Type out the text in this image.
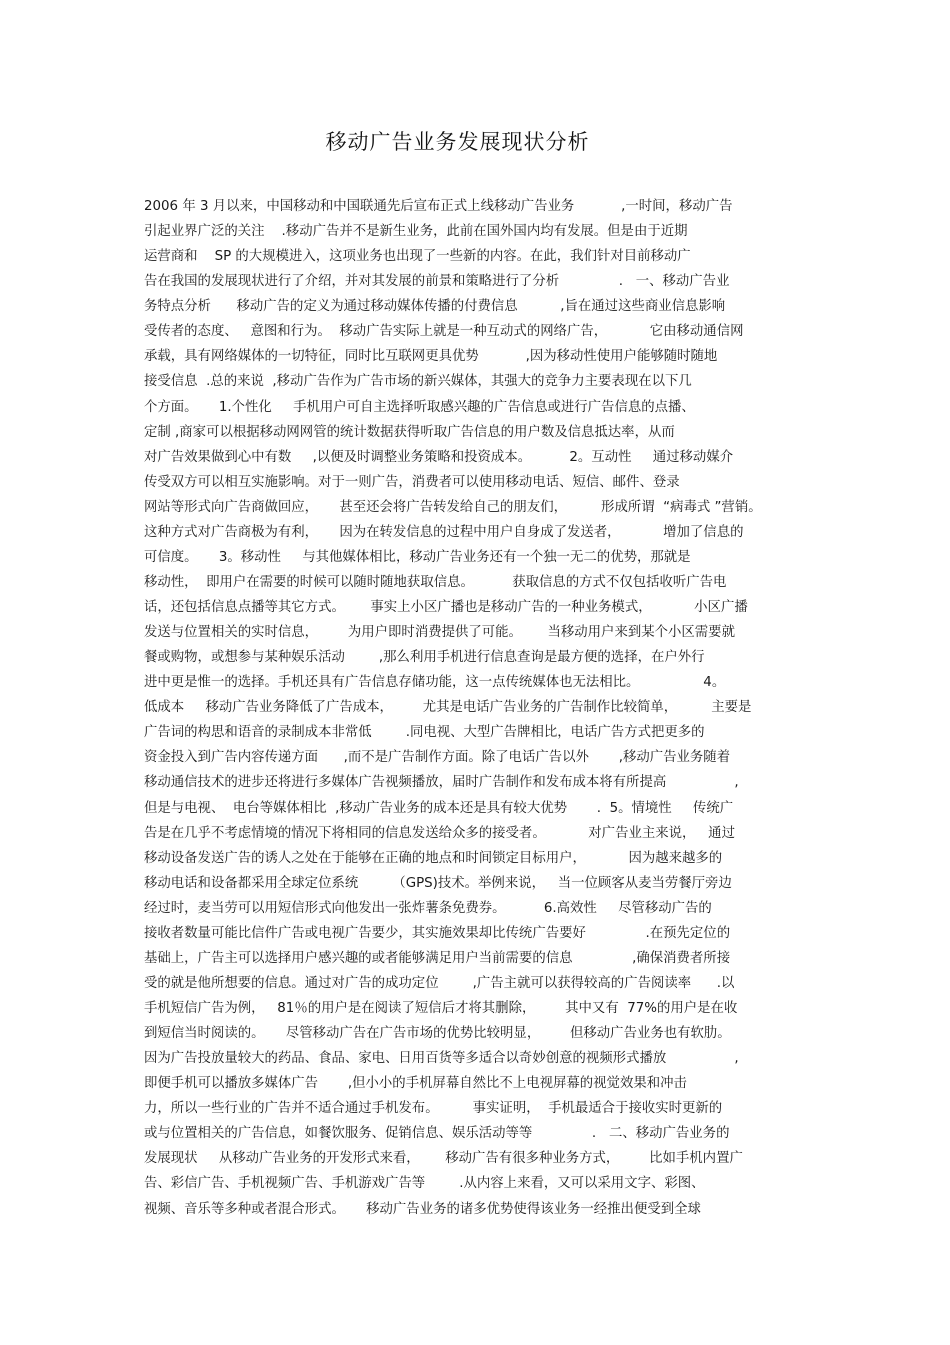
移动广告业务发展现状分析
2006 年 3 月以来，中国移动和中国联通先后宣布正式上线移动广告业务           ,一时间，移动广告
引起业界广泛的关注    .移动广告并不是新生业务，此前在国外国内均有发展。但是由于近期
运营商和    SP 的大规模进入，这项业务也出现了一些新的内容。在此，我们针对目前移动广
告在我国的发展现状进行了介绍，并对其发展的前景和策略进行了分析              .   一、移动广告业
务特点分析      移动广告的定义为通过移动媒体传播的付费信息          ,旨在通过这些商业信息影响
受传者的态度、   意图和行为。  移动广告实际上就是一种互动式的网络广告，          它由移动通信网
承载，具有网络媒体的一切特征，同时比互联网更具优势           ,因为移动性使用户能够随时随地
接受信息  .总的来说  ,移动广告作为广告市场的新兴媒体，其强大的竞争力主要表现在以下几
个方面。     1.个性化     手机用户可自主选择听取感兴趣的广告信息或进行广告信息的点播、
定制 ,商家可以根据移动网网管的统计数据获得听取广告信息的用户数及信息抵达率，从而
对广告效果做到心中有数     ,以便及时调整业务策略和投资成本。         2。互动性     通过移动媒介
传受双方可以相互实施影响。对于一则广告，消费者可以使用移动电话、短信、邮件、登录
网站等形式向广告商做回应，     甚至还会将广告转发给自己的朋友们，        形成所谓  “病毒式 ”营销。
这种方式对广告商极为有利，     因为在转发信息的过程中用户自身成了发送者，          增加了信息的
可信度。     3。移动性     与其他媒体相比，移动广告业务还有一个独一无二的优势，那就是
移动性，  即用户在需要的时候可以随时随地获取信息。         获取信息的方式不仅包括收听广告电
话，还包括信息点播等其它方式。      事实上小区广播也是移动广告的一种业务模式，          小区广播
发送与位置相关的实时信息，       为用户即时消费提供了可能。      当移动用户来到某个小区需要就
餐或购物，或想参与某种娱乐活动        ,那么利用手机进行信息查询是最方便的选择，在户外行
进中更是惟一的选择。手机还具有广告信息存储功能，这一点传统媒体也无法相比。               4。
低成本     移动广告业务降低了广告成本，       尤其是电话广告业务的广告制作比较简单，        主要是
广告词的构思和语音的录制成本非常低        .同电视、大型广告牌相比，电话广告方式把更多的
资金投入到广告内容传递方面      ,而不是广告制作方面。除了电话广告以外       ,移动广告业务随着
移动通信技术的进步还将进行多媒体广告视频播放，届时广告制作和发布成本将有所提高                ,
但是与电视、  电台等媒体相比  ,移动广告业务的成本还是具有较大优势       .  5。情境性     传统广
告是在几乎不考虑情境的情况下将相同的信息发送给众多的接受者。          对广告业主来说，   通过
移动设备发送广告的诱人之处在于能够在正确的地点和时间锁定目标用户，          因为越来越多的
移动电话和设备都采用全球定位系统        （GPS)技术。举例来说，   当一位顾客从麦当劳餐厅旁边
经过时，麦当劳可以用短信形式向他发出一张炸薯条免费券。         6.高效性     尽管移动广告的
接收者数量可能比信件广告或电视广告要少，其实施效果却比传统广告要好              .在预先定位的
基础上，广告主可以选择用户感兴趣的或者能够满足用户当前需要的信息              ,确保消费者所接
受的就是他所想要的信息。通过对广告的成功定位        ,广告主就可以获得较高的广告阅读率      .以
手机短信广告为例，   81％的用户是在阅读了短信后才将其删除，       其中又有  77%的用户是在收
到短信当时阅读的。     尽管移动广告在广告市场的优势比较明显，       但移动广告业务也有软肋。
因为广告投放量较大的药品、食品、家电、日用百货等多适合以奇妙创意的视频形式播放                ,
即便手机可以播放多媒体广告       ,但小小的手机屏幕自然比不上电视屏幕的视觉效果和冲击
力，所以一些行业的广告并不适合通过手机发布。        事实证明，  手机最适合于接收实时更新的
或与位置相关的广告信息，如餐饮服务、促销信息、娱乐活动等等              .   二、移动广告业务的
发展现状     从移动广告业务的开发形式来看，      移动广告有很多种业务方式，       比如手机内置广
告、彩信广告、手机视频广告、手机游戏广告等        .从内容上来看，又可以采用文字、彩图、
视频、音乐等多种或者混合形式。     移动广告业务的诸多优势使得该业务一经推出便受到全球
